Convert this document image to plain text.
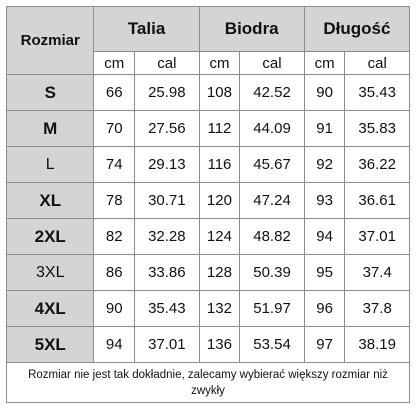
Rozmiar	Talia		Biodra		Długość	
	cm	cal	cm	cal	cm	cal
S	66	25.98	108	42.52	90	35.43
M	70	27.56	112	44.09	91	35.83
L	74	29.13	116	45.67	92	36.22
XL	78	30.71	120	47.24	93	36.61
2XL	82	32.28	124	48.82	94	37.01
3XL	86	33.86	128	50.39	95	37.4
4XL	90	35.43	132	51.97	96	37.8
5XL	94	37.01	136	53.54	97	38.19
Rozmiar nie jest tak dokładnie, zalecamy wybierać większy rozmiar niż zwykły						
